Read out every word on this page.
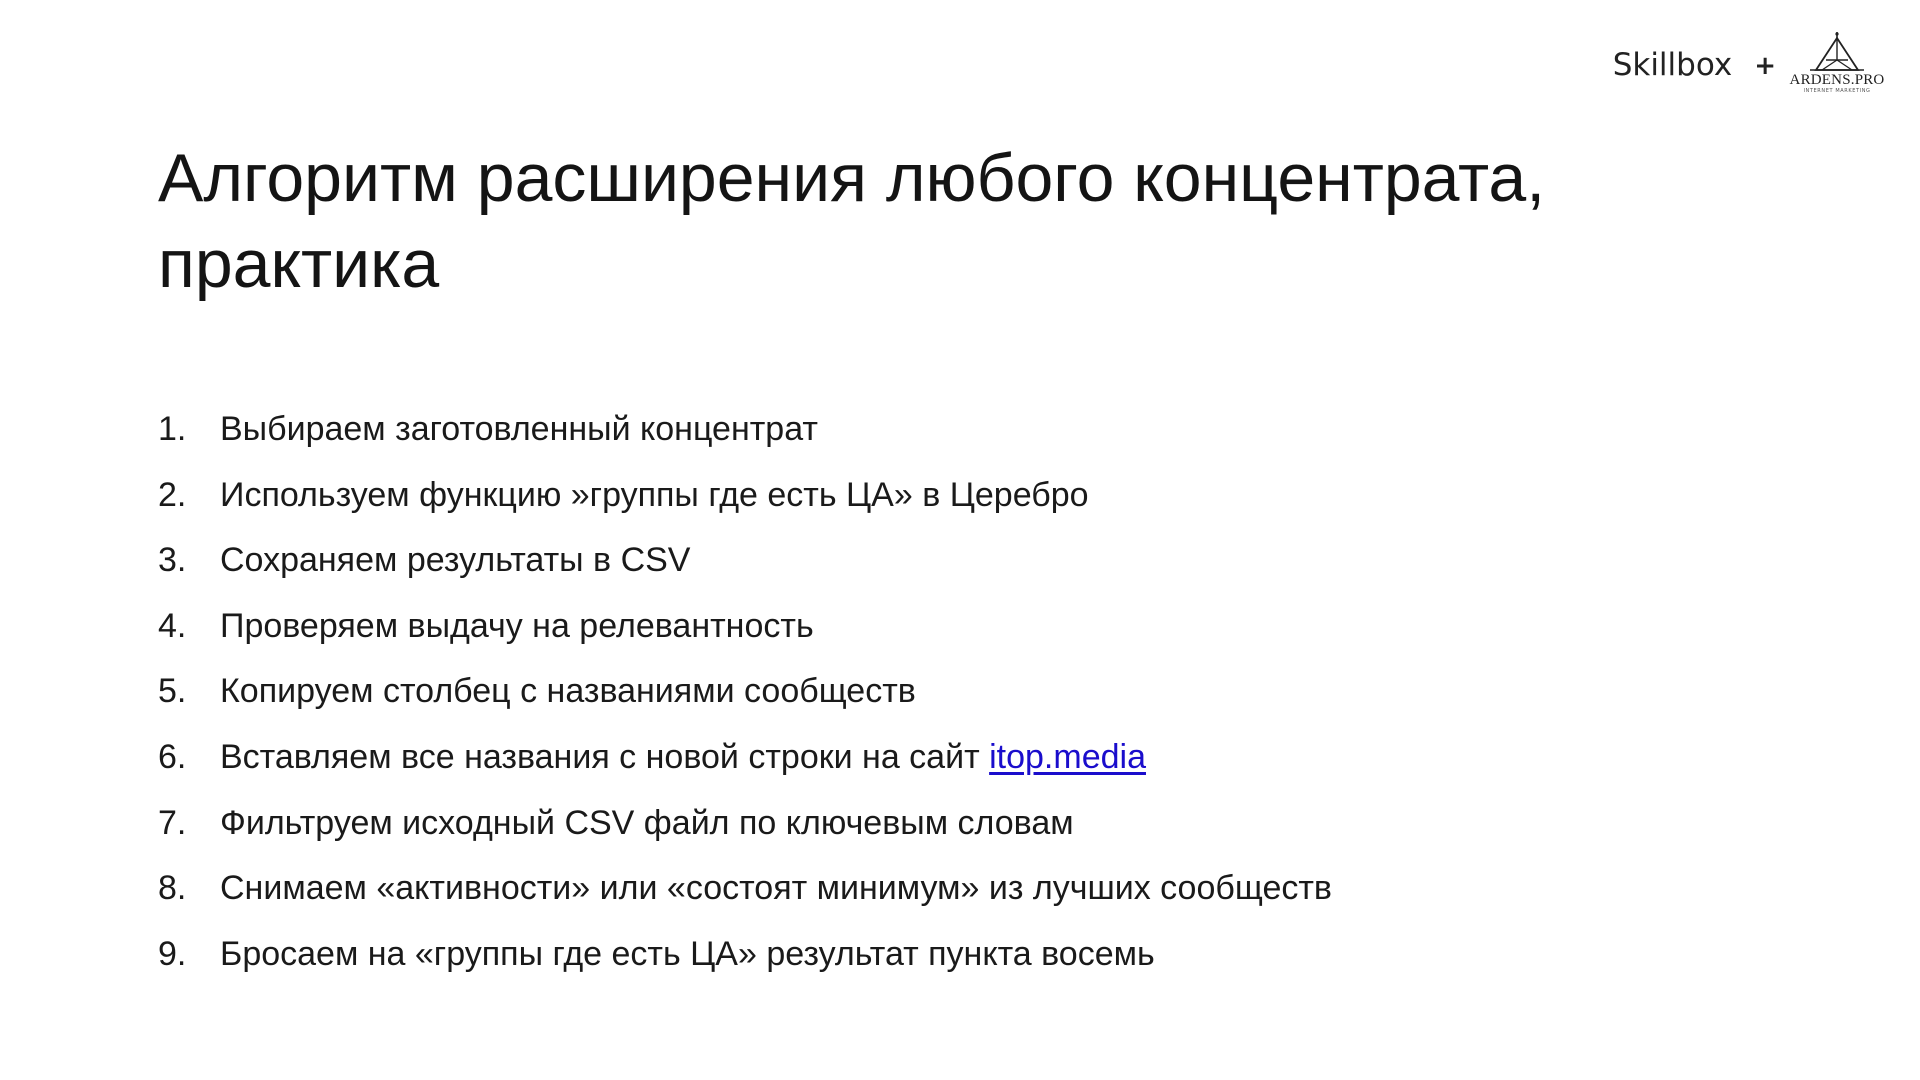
Skillbox + ARDENS.PRO
INTERNET MARKETING
Алгоритм расширения любого концентрата, практика
1. Выбираем заготовленный концентрат
2. Используем функцию »группы где есть ЦА» в Церебро
3. Сохраняем результаты в CSV
4. Проверяем выдачу на релевантность
5. Копируем столбец с названиями сообществ
6. Вставляем все названия с новой строки на сайт itop.media
7. Фильтруем исходный CSV файл по ключевым словам
8. Снимаем «активности» или «состоят минимум» из лучших сообществ
9. Бросаем на «группы где есть ЦА» результат пункта восемь
